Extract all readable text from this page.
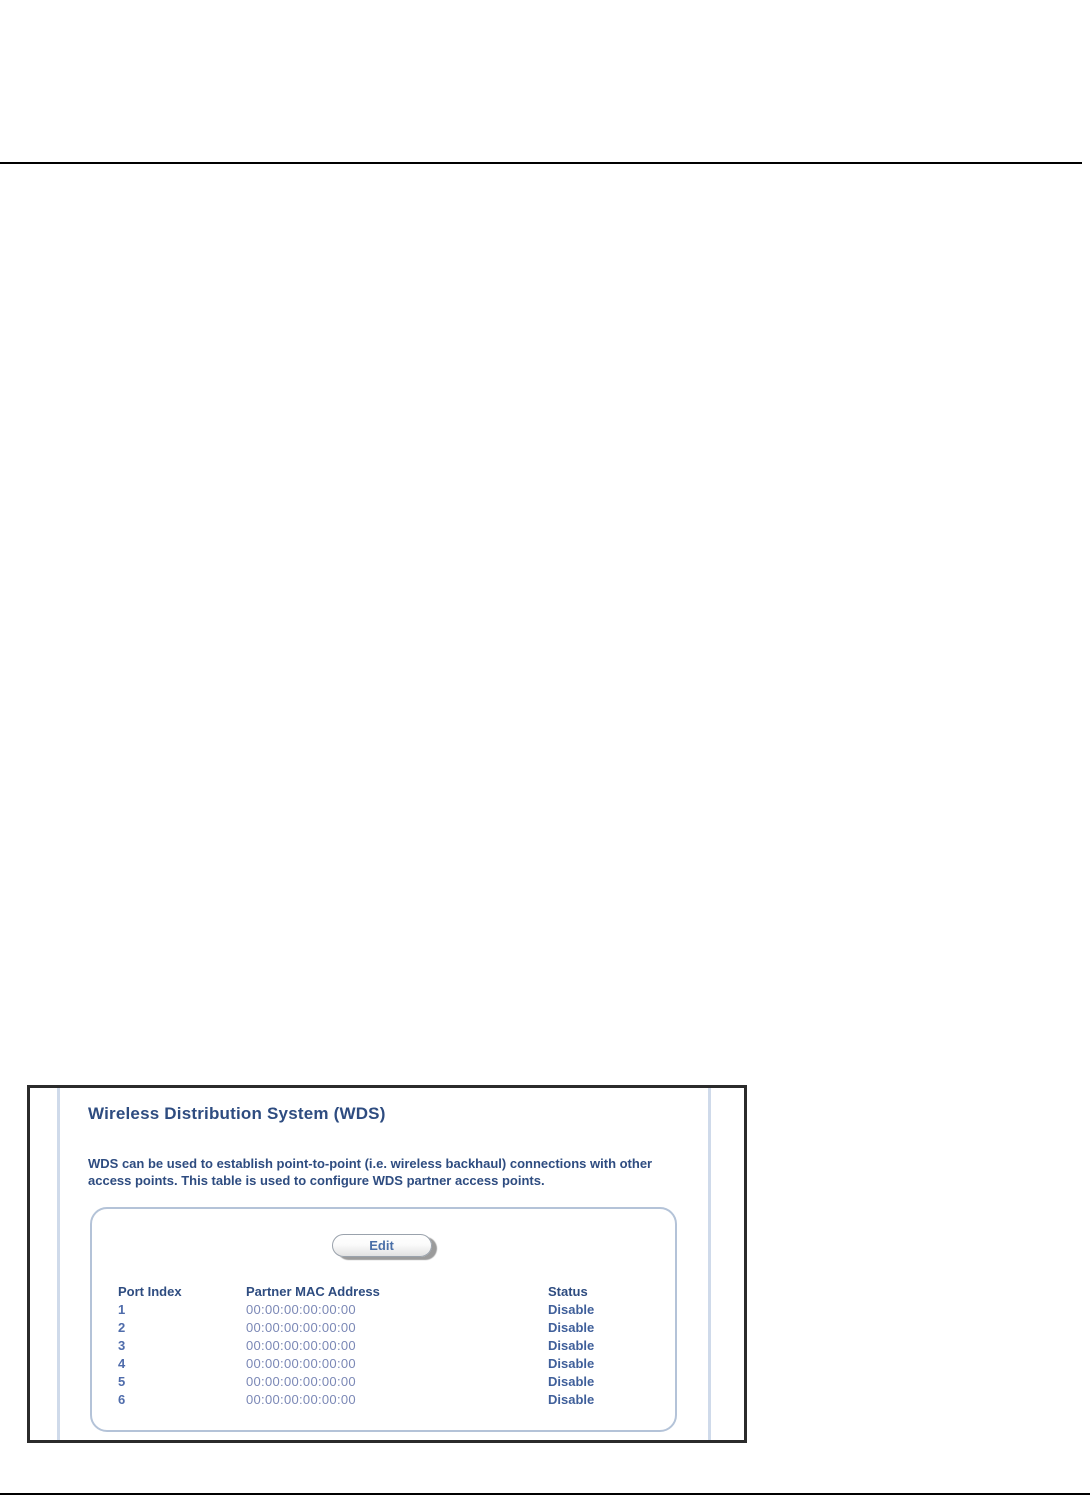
Wireless Distribution System (WDS)
WDS can be used to establish point-to-point (i.e. wireless backhaul) connections with other
access points. This table is used to configure WDS partner access points.
Edit
Port Index	Partner MAC Address	Status
1	00:00:00:00:00:00	Disable
2	00:00:00:00:00:00	Disable
3	00:00:00:00:00:00	Disable
4	00:00:00:00:00:00	Disable
5	00:00:00:00:00:00	Disable
6	00:00:00:00:00:00	Disable
